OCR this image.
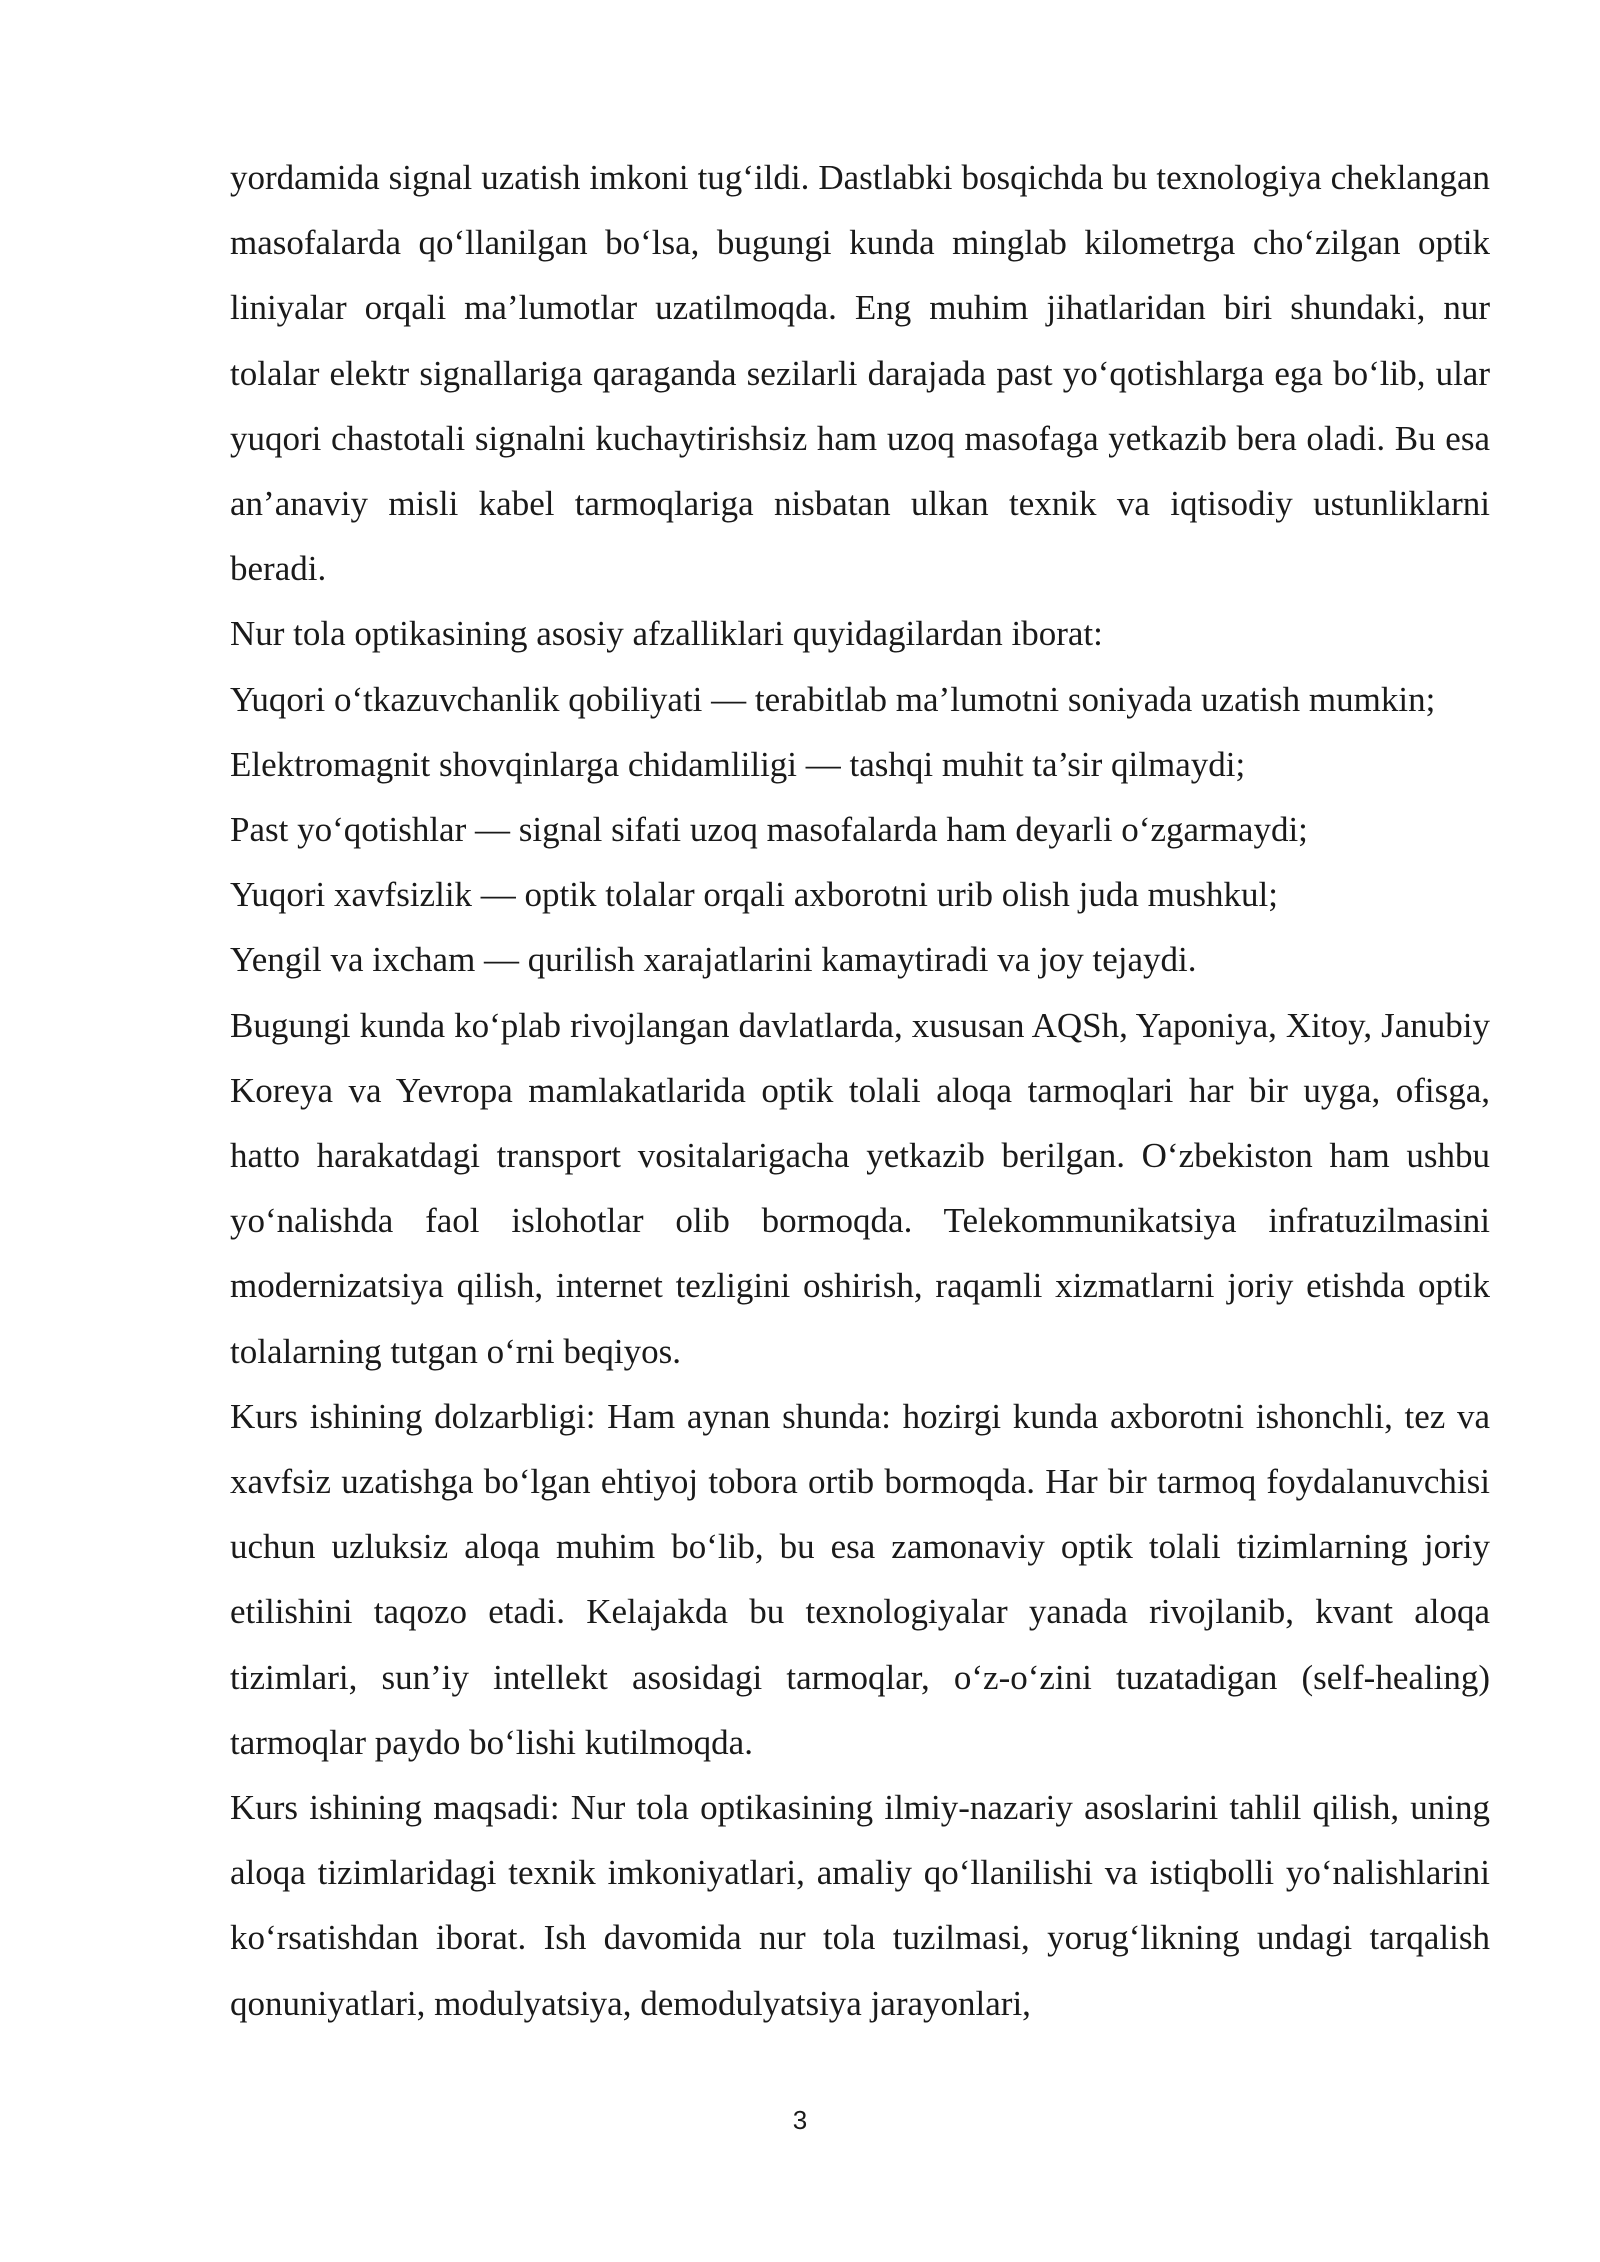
yordamida signal uzatish imkoni tug‘ildi. Dastlabki bosqichda bu texnologiya cheklangan masofalarda qo‘llanilgan bo‘lsa, bugungi kunda minglab kilometrga cho‘zilgan optik liniyalar orqali ma’lumotlar uzatilmoqda. Eng muhim jihatlaridan biri shundaki, nur tolalar elektr signallariga qaraganda sezilarli darajada past yo‘qotishlarga ega bo‘lib, ular yuqori chastotali signalni kuchaytirishsiz ham uzoq masofaga yetkazib bera oladi. Bu esa an’anaviy misli kabel tarmoqlariga nisbatan ulkan texnik va iqtisodiy ustunliklarni beradi.

Nur tola optikasining asosiy afzalliklari quyidagilardan iborat:

Yuqori o‘tkazuvchanlik qobiliyati — terabitlab ma’lumotni soniyada uzatish mumkin;

Elektromagnit shovqinlarga chidamliligi — tashqi muhit ta’sir qilmaydi;

Past yo‘qotishlar — signal sifati uzoq masofalarda ham deyarli o‘zgarmaydi;

Yuqori xavfsizlik — optik tolalar orqali axborotni urib olish juda mushkul;

Yengil va ixcham — qurilish xarajatlarini kamaytiradi va joy tejaydi.

Bugungi kunda ko‘plab rivojlangan davlatlarda, xususan AQSh, Yaponiya, Xitoy, Janubiy Koreya va Yevropa mamlakatlarida optik tolali aloqa tarmoqlari har bir uyga, ofisga, hatto harakatdagi transport vositalarigacha yetkazib berilgan. O‘zbekiston ham ushbu yo‘nalishda faol islohotlar olib bormoqda. Telekommunikatsiya infratuzilmasini modernizatsiya qilish, internet tezligini oshirish, raqamli xizmatlarni joriy etishda optik tolalarning tutgan o‘rni beqiyos.

Kurs ishining dolzarbligi: Ham aynan shunda: hozirgi kunda axborotni ishonchli, tez va xavfsiz uzatishga bo‘lgan ehtiyoj tobora ortib bormoqda. Har bir tarmoq foydalanuvchisi uchun uzluksiz aloqa muhim bo‘lib, bu esa zamonaviy optik tolali tizimlarning joriy etilishini taqozo etadi. Kelajakda bu texnologiyalar yanada rivojlanib, kvant aloqa tizimlari, sun’iy intellekt asosidagi tarmoqlar, o‘z-o‘zini tuzatadigan (self-healing) tarmoqlar paydo bo‘lishi kutilmoqda.

Kurs ishining maqsadi: Nur tola optikasining ilmiy-nazariy asoslarini tahlil qilish, uning aloqa tizimlaridagi texnik imkoniyatlari, amaliy qo‘llanilishi va istiqbolli yo‘nalishlarini ko‘rsatishdan iborat. Ish davomida nur tola tuzilmasi, yorug‘likning undagi tarqalish qonuniyatlari, modulyatsiya, demodulyatsiya jarayonlari,

3
